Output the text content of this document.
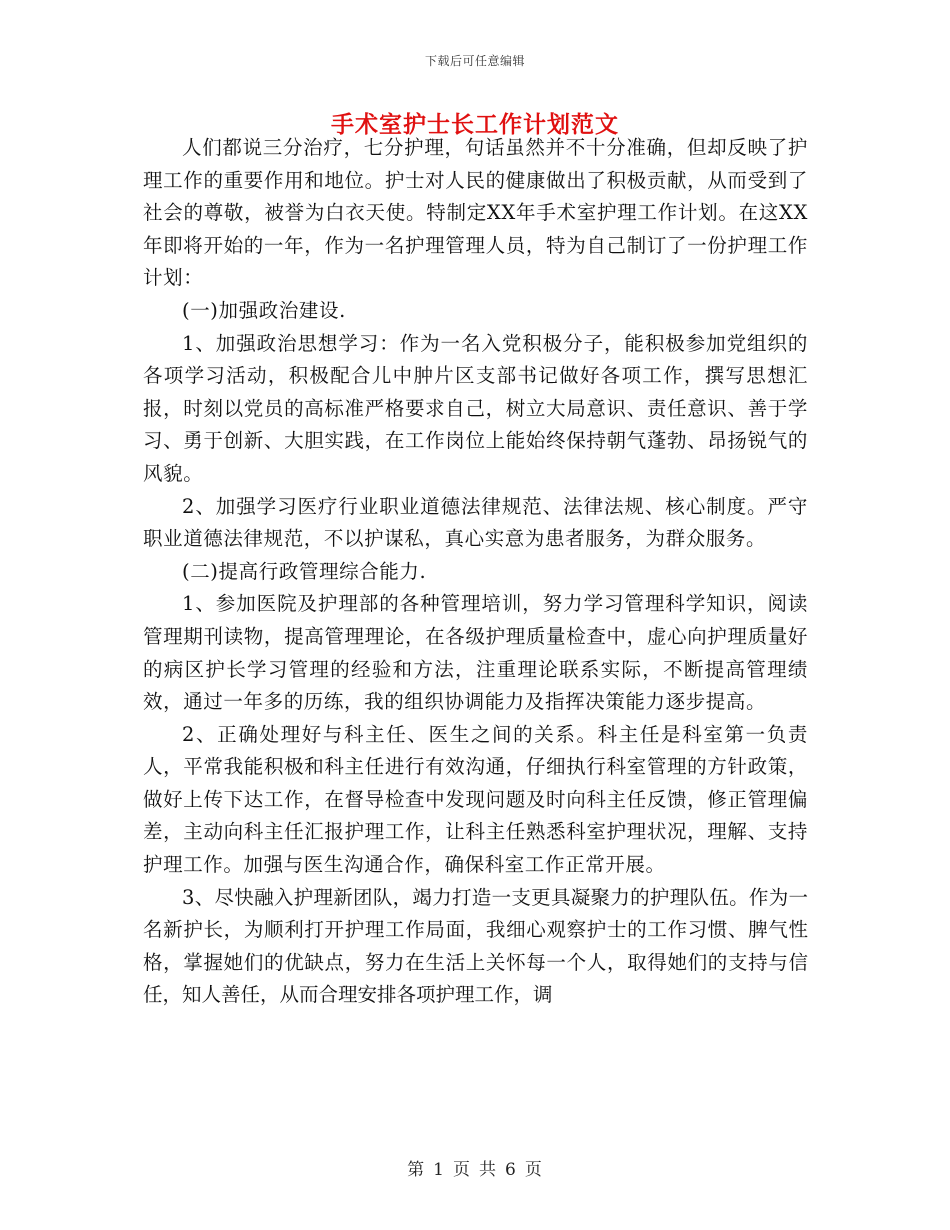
下载后可任意编辑
手术室护士长工作计划范文

人们都说三分治疗，七分护理，句话虽然并不十分准确，但却反映了护理工作的重要作用和地位。护士对人民的健康做出了积极贡献，从而受到了社会的尊敬，被誉为白衣天使。特制定XX年手术室护理工作计划。在这XX年即将开始的一年，作为一名护理管理人员，特为自己制订了一份护理工作计划：

(一)加强政治建设.

1、加强政治思想学习：作为一名入党积极分子，能积极参加党组织的各项学习活动，积极配合儿中肿片区支部书记做好各项工作，撰写思想汇报，时刻以党员的高标准严格要求自己，树立大局意识、责任意识、善于学习、勇于创新、大胆实践，在工作岗位上能始终保持朝气蓬勃、昂扬锐气的风貌。

2、加强学习医疗行业职业道德法律规范、法律法规、核心制度。严守职业道德法律规范，不以护谋私，真心实意为患者服务，为群众服务。

(二)提高行政管理综合能力.

1、参加医院及护理部的各种管理培训，努力学习管理科学知识，阅读管理期刊读物，提高管理理论，在各级护理质量检查中，虚心向护理质量好的病区护长学习管理的经验和方法，注重理论联系实际，不断提高管理绩效，通过一年多的历练，我的组织协调能力及指挥决策能力逐步提高。

2、正确处理好与科主任、医生之间的关系。科主任是科室第一负责人，平常我能积极和科主任进行有效沟通，仔细执行科室管理的方针政策，做好上传下达工作，在督导检查中发现问题及时向科主任反馈，修正管理偏差，主动向科主任汇报护理工作，让科主任熟悉科室护理状况，理解、支持护理工作。加强与医生沟通合作，确保科室工作正常开展。

3、尽快融入护理新团队，竭力打造一支更具凝聚力的护理队伍。作为一名新护长，为顺利打开护理工作局面，我细心观察护士的工作习惯、脾气性格，掌握她们的优缺点，努力在生活上关怀每一个人，取得她们的支持与信任，知人善任，从而合理安排各项护理工作，调

第 1 页 共 6 页
